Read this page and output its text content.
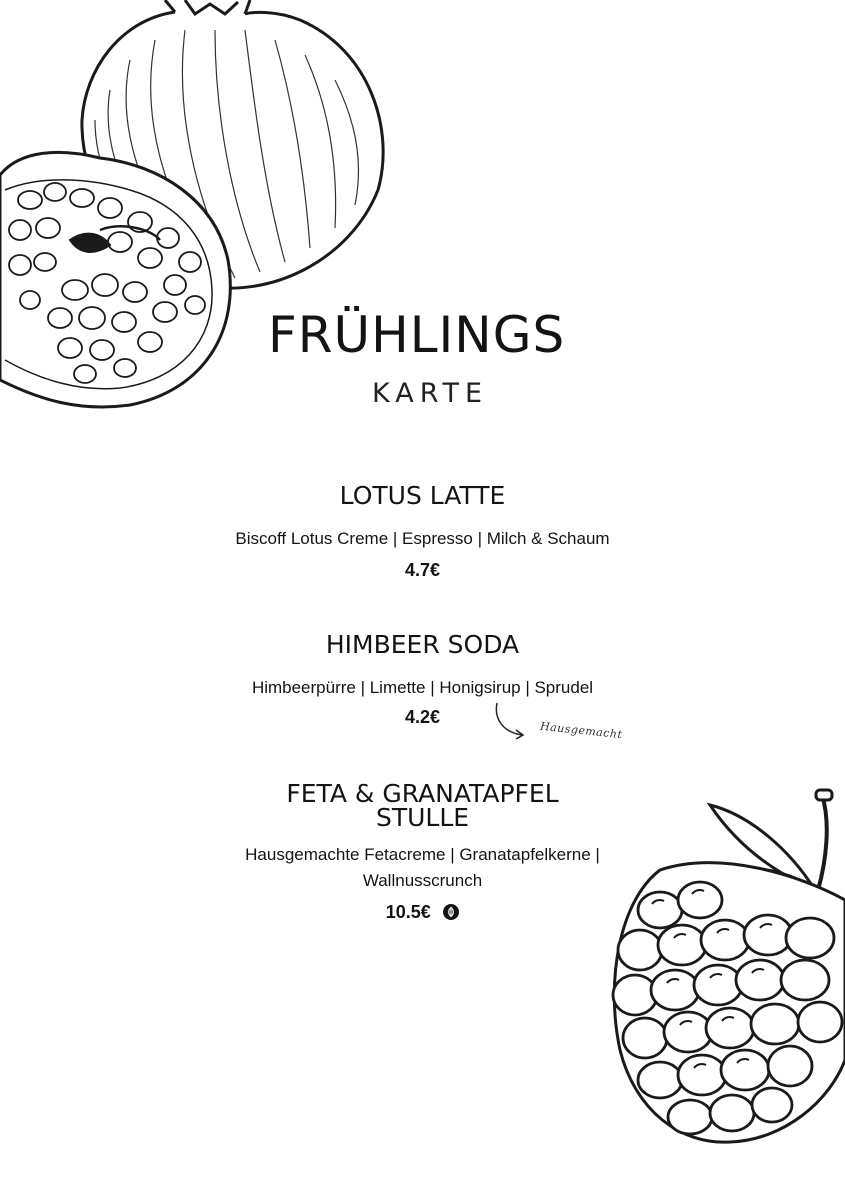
FRÜHLINGS
KARTE
LOTUS LATTE
Biscoff Lotus Creme | Espresso | Milch & Schaum
4.7€
HIMBEER SODA
Himbeerpürre | Limette | Honigsirup | Sprudel
4.2€
Hausgemacht
FETA & GRANATAPFEL
STULLE
Hausgemachte Fetacreme | Granatapfelkerne |
Wallnusscrunch
10.5€
